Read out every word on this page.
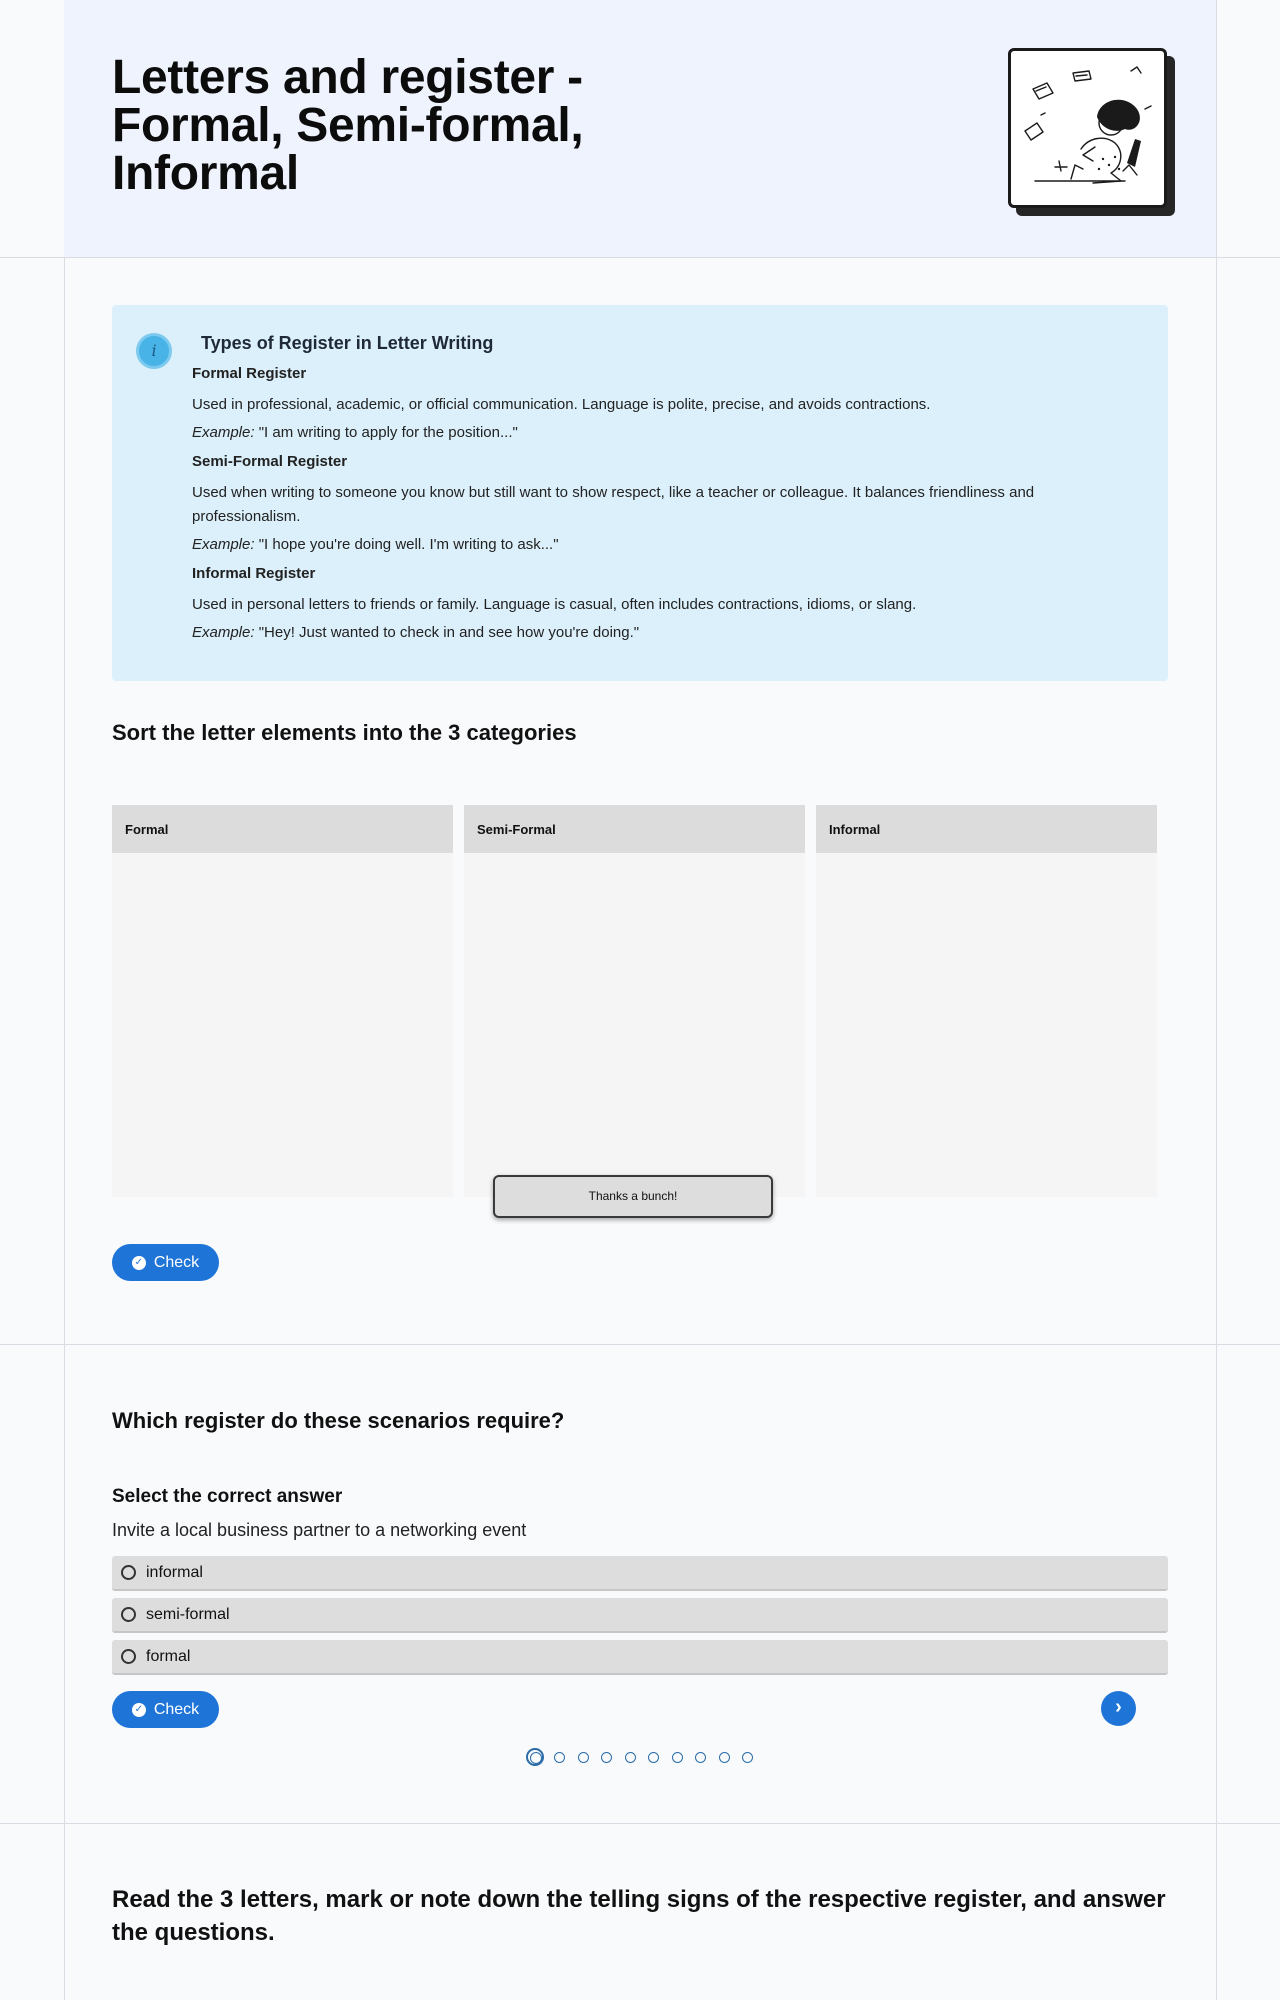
Letters and register - Formal, Semi-formal, Informal
i	Types of Register in Letter Writing
Formal Register
Used in professional, academic, or official communication. Language is polite, precise, and avoids contractions.
Example: "I am writing to apply for the position..."
Semi-Formal Register
Used when writing to someone you know but still want to show respect, like a teacher or colleague. It balances friendliness and professionalism.
Example: "I hope you're doing well. I'm writing to ask..."
Informal Register
Used in personal letters to friends or family. Language is casual, often includes contractions, idioms, or slang.
Example: "Hey! Just wanted to check in and see how you're doing."
Sort the letter elements into the 3 categories
Formal	Semi-Formal	Informal
Thanks a bunch!
✓ Check
Which register do these scenarios require?
Select the correct answer
Invite a local business partner to a networking event
informal
semi-formal
formal
✓ Check	›
Read the 3 letters, mark or note down the telling signs of the respective register, and answer the questions.
